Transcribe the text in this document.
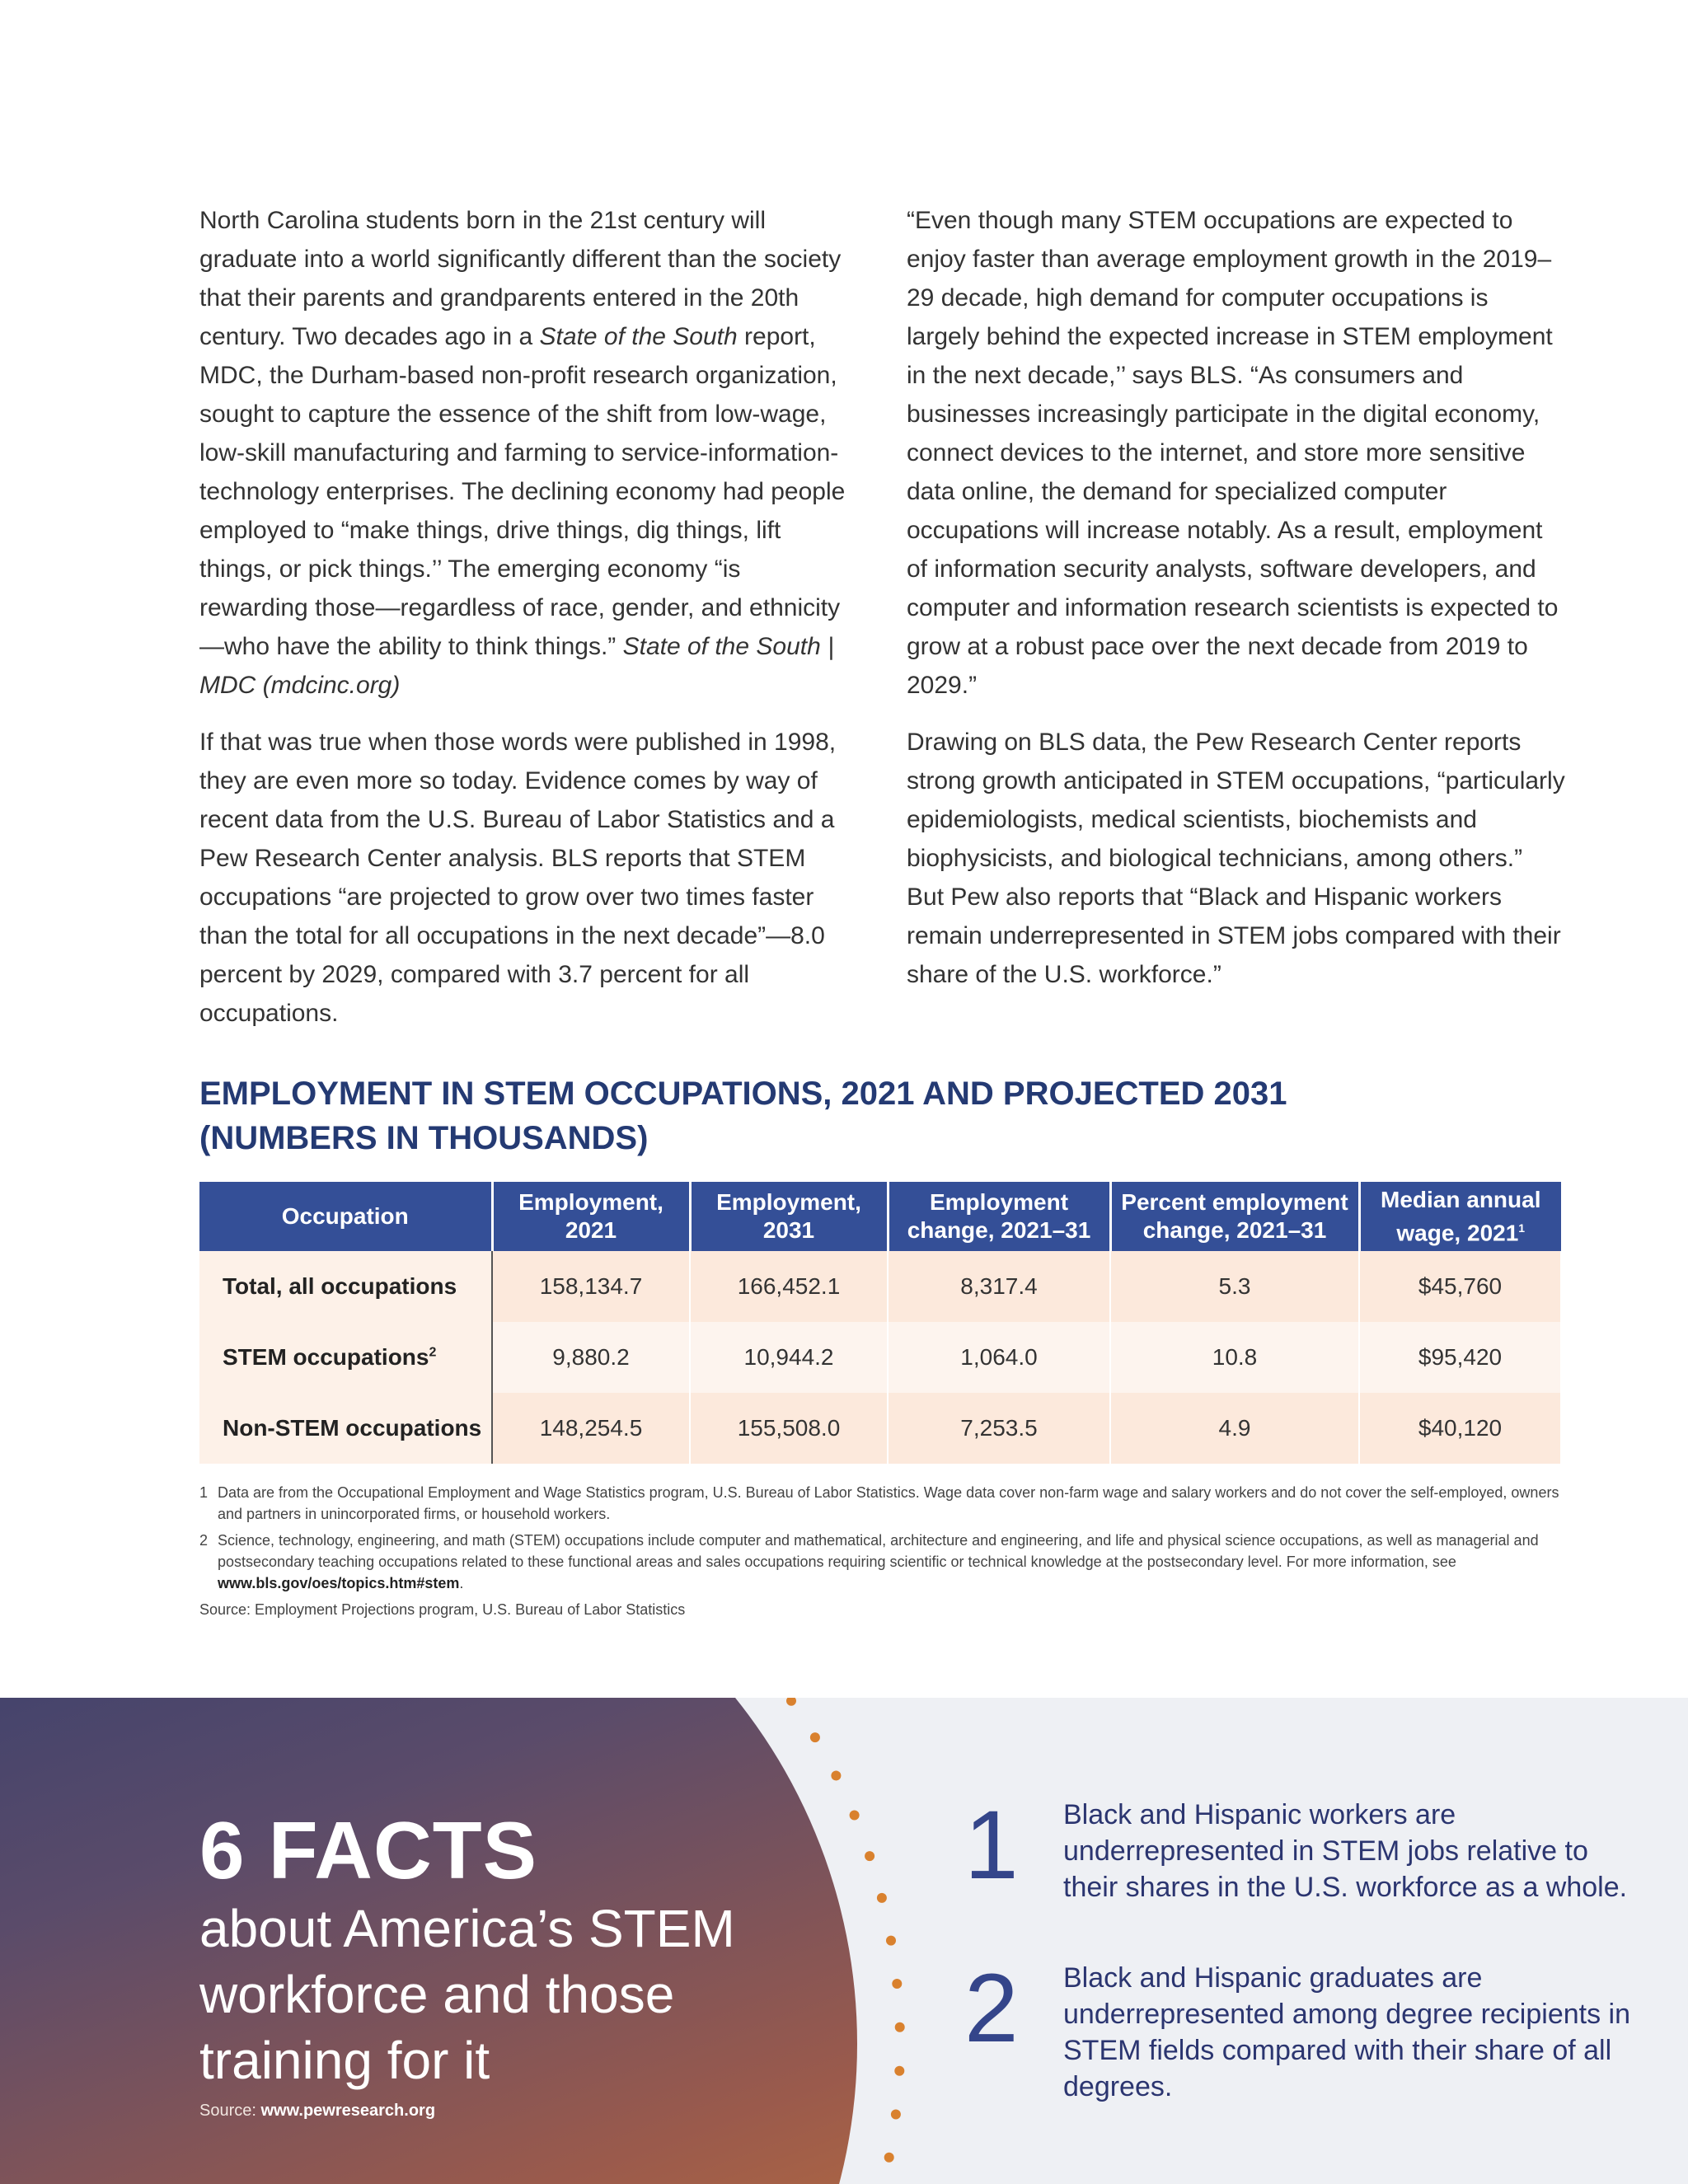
North Carolina students born in the 21st century will graduate into a world significantly different than the society that their parents and grandparents entered in the 20th century. Two decades ago in a State of the South report, MDC, the Durham-based non-profit research organization, sought to capture the essence of the shift from low-wage, low-skill manufacturing and farming to service-information-technology enterprises. The declining economy had people employed to “make things, drive things, dig things, lift things, or pick things.’’ The emerging economy “is rewarding those—regardless of race, gender, and ethnicity—who have the ability to think things.” State of the South | MDC (mdcinc.org)

If that was true when those words were published in 1998, they are even more so today. Evidence comes by way of recent data from the U.S. Bureau of Labor Statistics and a Pew Research Center analysis. BLS reports that STEM occupations “are projected to grow over two times faster than the total for all occupations in the next decade”—8.0 percent by 2029, compared with 3.7 percent for all occupations.

“Even though many STEM occupations are expected to enjoy faster than average employment growth in the 2019–29 decade, high demand for computer occupations is largely behind the expected increase in STEM employment in the next decade,’’ says BLS. “As consumers and businesses increasingly participate in the digital economy, connect devices to the internet, and store more sensitive data online, the demand for specialized computer occupations will increase notably. As a result, employment of information security analysts, software developers, and computer and information research scientists is expected to grow at a robust pace over the next decade from 2019 to 2029.”

Drawing on BLS data, the Pew Research Center reports strong growth anticipated in STEM occupations, “particularly epidemiologists, medical scientists, biochemists and biophysicists, and biological technicians, among others.” But Pew also reports that “Black and Hispanic workers remain underrepresented in STEM jobs compared with their share of the U.S. workforce.”

EMPLOYMENT IN STEM OCCUPATIONS, 2021 AND PROJECTED 2031
(NUMBERS IN THOUSANDS)
Occupation	Employment, 2021	Employment, 2031	Employment change, 2021–31	Percent employment change, 2021–31	Median annual wage, 2021$^1$
Total, all occupations	158,134.7	166,452.1	8,317.4	5.3	$45,760
STEM occupations$^2$	9,880.2	10,944.2	1,064.0	10.8	$95,420
Non-STEM occupations	148,254.5	155,508.0	7,253.5	4.9	$40,120
1 Data are from the Occupational Employment and Wage Statistics program, U.S. Bureau of Labor Statistics. Wage data cover non-farm wage and salary workers and do not cover the self-employed, owners and partners in unincorporated firms, or household workers.
2 Science, technology, engineering, and math (STEM) occupations include computer and mathematical, architecture and engineering, and life and physical science occupations, as well as managerial and postsecondary teaching occupations related to these functional areas and sales occupations requiring scientific or technical knowledge at the postsecondary level. For more information, see www.bls.gov/oes/topics.htm#stem.
Source: Employment Projections program, U.S. Bureau of Labor Statistics
6 FACTS
about America’s STEM workforce and those training for it
Source: www.pewresearch.org
1 Black and Hispanic workers are underrepresented in STEM jobs relative to their shares in the U.S. workforce as a whole.
2 Black and Hispanic graduates are underrepresented among degree recipients in STEM fields compared with their share of all degrees.
